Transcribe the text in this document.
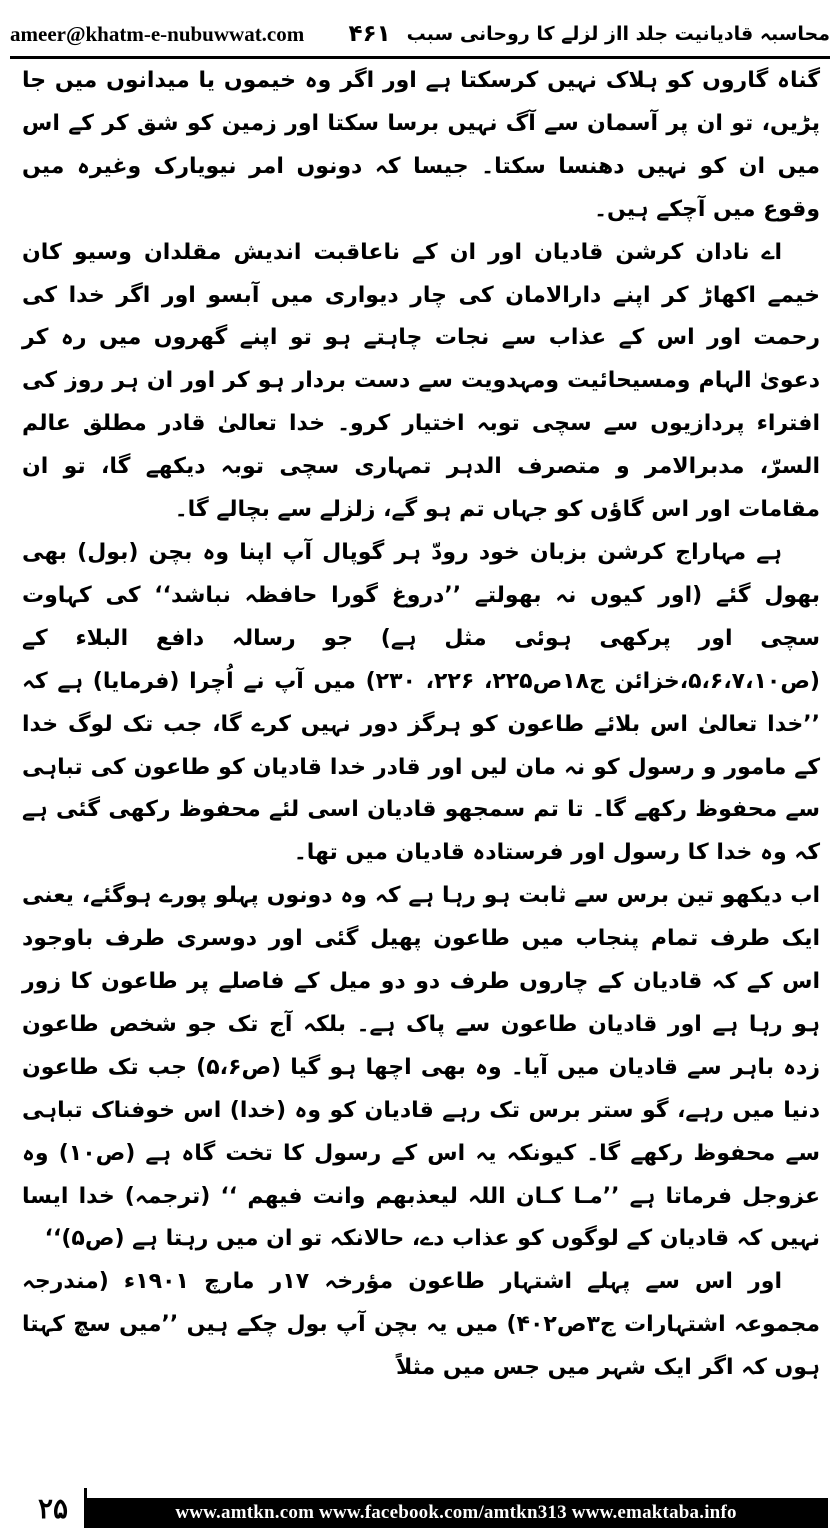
ameer@khatm-e-nubuwwat.com	محاسبہ قادیانیت جلد ااز لزلے کا روحانی سبب
۴۶۱

گناہ گاروں کو ہلاک نہیں کرسکتا ہے اور اگر وہ خیموں یا میدانوں میں جا پڑیں، تو ان پر آسمان سے آگ نہیں برسا سکتا اور زمین کو شق کر کے اس میں ان کو نہیں دھنسا سکتا۔ جیسا کہ دونوں امر نیویارک وغیرہ میں وقوع میں آچکے ہیں۔

اے نادان کرشن قادیان اور ان کے ناعاقبت اندیش مقلدان وسیو کان خیمے اکھاڑ کر اپنے دارالامان کی چار دیواری میں آبسو اور اگر خدا کی رحمت اور اس کے عذاب سے نجات چاہتے ہو تو اپنے گھروں میں رہ کر دعویٰ الہام ومسیحائیت ومہدویت سے دست بردار ہو کر اور ان ہر روز کی افتراء پردازیوں سے سچی توبہ اختیار کرو۔ خدا تعالیٰ قادر مطلق عالم السرّ، مدبرالامر و متصرف الدہر تمہاری سچی توبہ دیکھے گا، تو ان مقامات اور اس گاؤں کو جہاں تم ہو گے، زلزلے سے بچالے گا۔

ہے مہاراج کرشن بزبان خود رودّ ہر گوپال آپ اپنا وہ بچن (بول) بھی بھول گئے (اور کیوں نہ بھولتے ’’دروغ گورا حافظہ نباشد‘‘ کی کہاوت سچی اور پرکھی ہوئی مثل ہے) جو رسالہ دافع البلاء کے (ص۵،۶،۷،۱۰،خزائن ج۱۸ص۲۲۵، ۲۲۶، ۲۳۰) میں آپ نے اُچرا (فرمایا) ہے کہ ’’خدا تعالیٰ اس بلائے طاعون کو ہرگز دور نہیں کرے گا، جب تک لوگ خدا کے مامور و رسول کو نہ مان لیں اور قادر خدا قادیان کو طاعون کی تباہی سے محفوظ رکھے گا۔ تا تم سمجھو قادیان اسی لئے محفوظ رکھی گئی ہے کہ وہ خدا کا رسول اور فرستادہ قادیان میں تھا۔

اب دیکھو تین برس سے ثابت ہو رہا ہے کہ وہ دونوں پہلو پورے ہوگئے، یعنی ایک طرف تمام پنجاب میں طاعون پھیل گئی اور دوسری طرف باوجود اس کے کہ قادیان کے چاروں طرف دو دو میل کے فاصلے پر طاعون کا زور ہو رہا ہے اور قادیان طاعون سے پاک ہے۔ بلکہ آج تک جو شخص طاعون زدہ باہر سے قادیان میں آیا۔ وہ بھی اچھا ہو گیا (ص۵،۶) جب تک طاعون دنیا میں رہے، گو ستر برس تک رہے قادیان کو وہ (خدا) اس خوفناک تباہی سے محفوظ رکھے گا۔ کیونکہ یہ اس کے رسول کا تخت گاہ ہے (ص۱۰) وہ عزوجل فرماتا ہے ’’مـا کـان اللہ لیعذبھم وانت فیھم ‘‘ (ترجمہ) خدا ایسا نہیں کہ قادیان کے لوگوں کو عذاب دے، حالانکہ تو ان میں رہتا ہے (ص۵)‘‘

اور اس سے پہلے اشتہار طاعون مؤرخہ ۱۷ر مارچ ۱۹۰۱ء (مندرجہ مجموعہ اشتہارات ج۳ص۴۰۲) میں یہ بچن آپ بول چکے ہیں ’’میں سچ کہتا ہوں کہ اگر ایک شہر میں جس میں مثلاً

۲۵	www.amtkn.com www.facebook.com/amtkn313 www.emaktaba.info
